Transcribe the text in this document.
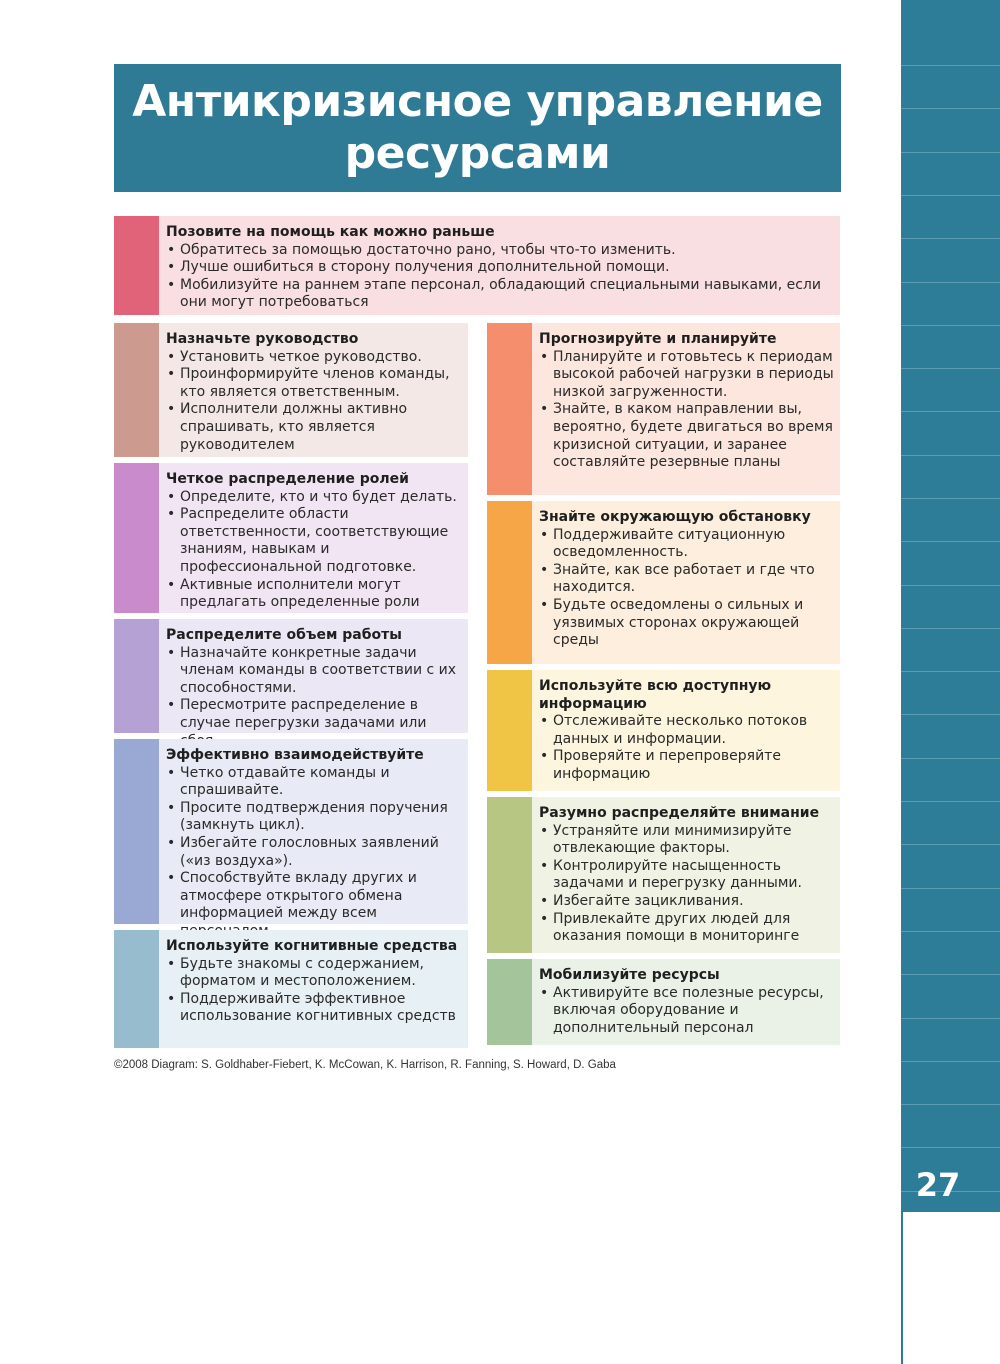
27
Антикризисное управление
ресурсами
Позовите на помощь как можно раньше
• Обратитесь за помощью достаточно рано, чтобы что-то изменить.
• Лучше ошибиться в сторону получения дополнительной помощи.
• Мобилизуйте на раннем этапе персонал, обладающий специальными навыками, если они могут потребоваться
Назначьте руководство
• Установить четкое руководство.
• Проинформируйте членов команды, кто является ответственным.
• Исполнители должны активно спрашивать, кто является руководителем
Четкое распределение ролей
• Определите, кто и что будет делать.
• Распределите области ответственности, соответствующие знаниям, навыкам и профессиональной подготовке.
• Активные исполнители могут предлагать определенные роли
Распределите объем работы
• Назначайте конкретные задачи членам команды в соответствии с их способностями.
• Пересмотрите распределение в случае перегрузки задачами или
Эффективно взаимодействуйте
• Четко отдавайте команды и спрашивайте.
• Просите подтверждения поручения (замкнуть цикл).
• Избегайте голословных заявлений («из воздуха»).
• Способствуйте вкладу других и атмосфере открытого обмена информацией между всем
Используйте когнитивные средства
• Будьте знакомы с содержанием, форматом и местоположением.
• Поддерживайте эффективное использование когнитивных средств
Прогнозируйте и планируйте
• Планируйте и готовьтесь к периодам высокой рабочей нагрузки в периоды низкой загруженности.
• Знайте, в каком направлении вы, вероятно, будете двигаться во время кризисной ситуации, и заранее составляйте резервные планы
Знайте окружающую обстановку
• Поддерживайте ситуационную осведомленность.
• Знайте, как все работает и где что находится.
• Будьте осведомлены о сильных и уязвимых сторонах окружающей среды
Используйте всю доступную информацию
• Отслеживайте несколько потоков данных и информации.
• Проверяйте и перепроверяйте информацию
Разумно распределяйте внимание
• Устраняйте или минимизируйте отвлекающие факторы.
• Контролируйте насыщенность задачами и перегрузку данными.
• Избегайте зацикливания.
• Привлекайте других людей для оказания помощи в мониторинге
Мобилизуйте ресурсы
• Активируйте все полезные ресурсы, включая оборудование и дополнительный персонал
©2008 Diagram: S. Goldhaber-Fiebert, K. McCowan, K. Harrison, R. Fanning, S. Howard, D. Gaba
